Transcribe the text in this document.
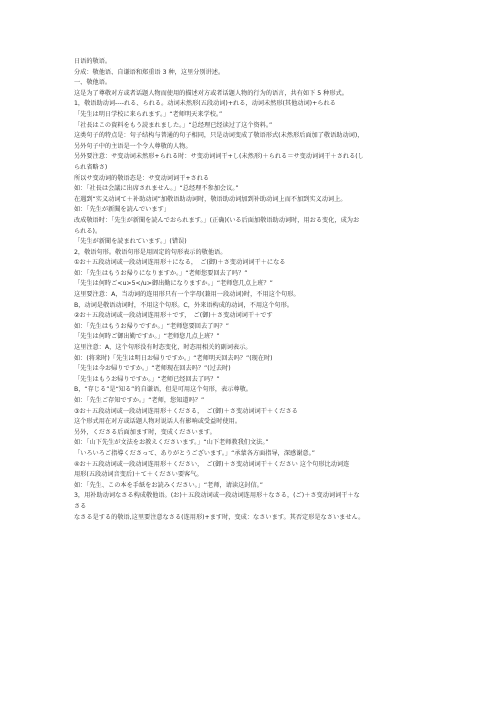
日语的敬语。
分成：敬他语、自谦语和郑重语 3 种，这里分别讲述。
一、敬他语。
这是为了尊敬对方或者话题人物而使用的描述对方或者话题人物的行为的语言，共有如下 5 种形式。
1，敬语助动词----れる、られる。动词未然形(五段动词)+れる，动词未然形(其他动词)+られる
「先生は明日学校に来られます。」“老师明天来学校。”
「社長はこの資料をもう読まれました。」“总经理已经读过了这个资料。”
这类句子的特点是：句子结构与普通的句子相同，只是动词变成了敬语形式(未然形后面加了敬语助动词)，
另外句子中的主语是一个令人尊敬的人物。
另外要注意：サ变动词未然形+られる时：サ变动词词干+し(未然形)＋られる＝サ变动词词干＋される(し
られ省略さ)
所以サ变动词的敬语态是：サ变动词词干+される
如：「社長は会議に出席されません。」“总经理不参加会议。”
在遇到“实义动词て＋补助动词”加敬语助动词时，敬语助动词加到补助动词上而不加到实义动词上。
如：「先生が新聞を読んでいます」
改成敬语时：「先生が新聞を読んでおられます。」(正确)(いる后面加敬语助动词时，用おる变化，成为お
られる)。
「先生が新聞を読まれています。」(错误)
2，敬语句形。敬语句形是用固定的句形表示的敬他语。
①お＋五段动词或一段动词连用形＋になる，　ご(御)＋さ变动词词干＋になる
如：「先生はもうお帰りになりますか。」“老师您要回去了吗？”
「先生は何時ご<u>5</u>御出勤になりますか。」“老师您几点上班？”
这里要注意：A，当动词的连用形只有一个字母(兼用一段动词)时，不用这个句形。
B，动词是敬语动词时，不用这个句形。C，外来语构成的动词，不用这个句形。
②お＋五段动词或一段动词连用形＋です，　ご(御)＋さ变动词词干＋です
如：「先生はもうお帰りですか。」“老师您要回去了吗？”
「先生は何時ご御出勤ですか。」“老师您几点上班？”
这里注意：A，这个句形没有时态变化，时态用相关的副词表示。
如：(将来时)「先生は明日お帰りですか。」“老师明天回去吗？”(现在时)
「先生は今お帰りですか。」“老师现在回去吗？”(过去时)
「先生はもうお帰りですか。」“老师已经回去了吗？”
B，“存じる”是“知る”的自谦语，但是可用这个句形，表示尊敬。
如：「先生ご存知ですか。」“老师，您知道吗？”
③お＋五段动词或一段动词连用形＋くださる，　ご(御)＋さ变动词词干＋くださる
这个形式用在对方或话题人物对说话人有影响或受益时使用。
另外，くださる后面加ます时，变成くださいます。
如：「山下先生が文法をお教えくださいます。」“山下老师教我们文法。”
「いろいろご指導くださって、ありがとうございます。」“承蒙各方面指导，深感谢意。”
④お＋五段动词或一段动词连用形＋ください，　ご(御)＋さ变动词词干＋ください 这个句形比动词连
用形(五段动词音变后)＋て＋ください要客气。
如：「先生、この本を手紙をお読みください。」“老师，请读这封信。”
3，用补助动词なさる构成敬他语。(お)＋五段动词或一段动词连用形＋なさる，(ご)＋さ变动词词干＋な
さる
なさる是する的敬语,这里要注意なさる(连用形)+ます时，变成：なさいます。其否定形是なさいません。
